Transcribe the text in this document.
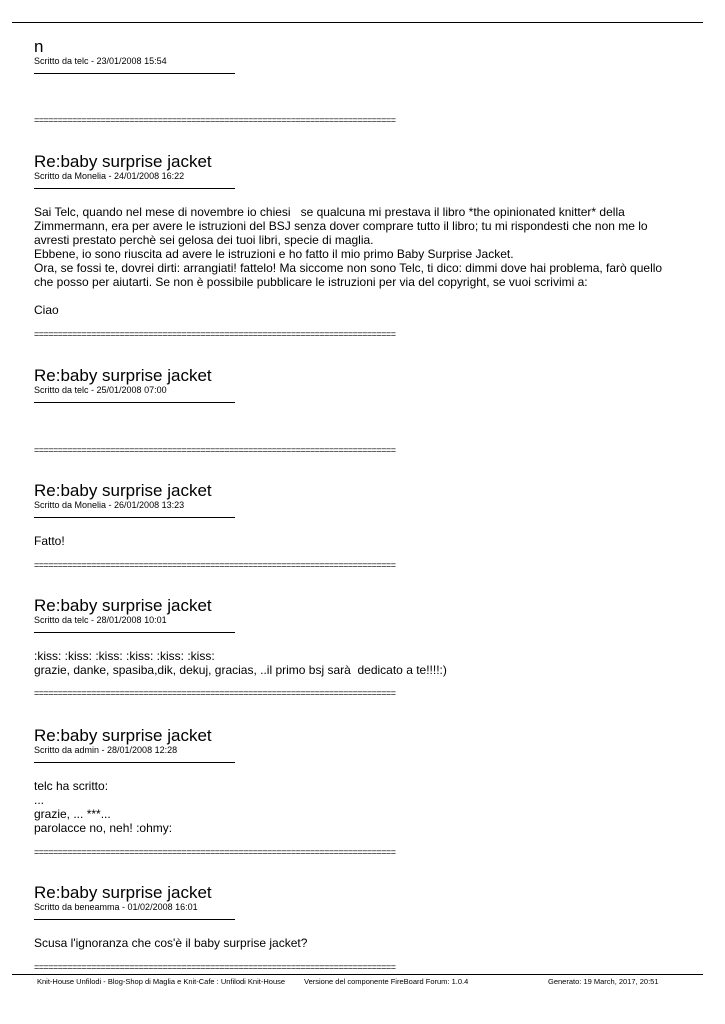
n
Scritto da telc - 23/01/2008 15:54
============================================================================
Re:baby surprise jacket
Scritto da Monelia - 24/01/2008 16:22

Sai Telc, quando nel mese di novembre io chiesi   se qualcuna mi prestava il libro *the opinionated knitter* della

Zimmermann, era per avere le istruzioni del BSJ senza dover comprare tutto il libro; tu mi rispondesti che non me lo

avresti prestato perchè sei gelosa dei tuoi libri, specie di maglia.

Ebbene, io sono riuscita ad avere le istruzioni e ho fatto il mio primo Baby Surprise Jacket.

Ora, se fossi te, dovrei dirti: arrangiati! fattelo! Ma siccome non sono Telc, ti dico: dimmi dove hai problema, farò quello

che posso per aiutarti. Se non è possibile pubblicare le istruzioni per via del copyright, se vuoi scrivimi a:

Ciao

============================================================================
Re:baby surprise jacket
Scritto da telc - 25/01/2008 07:00
============================================================================
Re:baby surprise jacket
Scritto da Monelia - 26/01/2008 13:23

Fatto!

============================================================================
Re:baby surprise jacket
Scritto da telc - 28/01/2008 10:01

:kiss: :kiss: :kiss: :kiss: :kiss: :kiss:

grazie, danke, spasiba,dik, dekuj, gracias, ..il primo bsj sarà  dedicato a te!!!!:)

============================================================================
Re:baby surprise jacket
Scritto da admin - 28/01/2008 12:28

telc ha scritto:

...

grazie, ... ***...

parolacce no, neh! :ohmy:

============================================================================
Re:baby surprise jacket
Scritto da beneamma - 01/02/2008 16:01

Scusa l'ignoranza che cos'è il baby surprise jacket?

============================================================================
Knit-House Unfilodi - Blog-Shop di Maglia e Knit-Cafe : Unfilodi Knit-House	Versione del componente FireBoard Forum: 1.0.4	Generato: 19 March, 2017, 20:51
